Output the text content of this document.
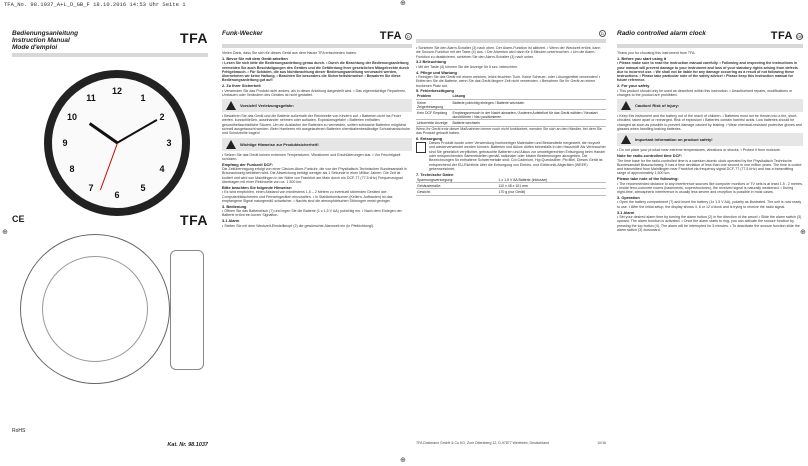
TFA_No. 98.1037_A+L_D_GB_F 18.10.2016 14:53 Uhr Seite 1	⊕
⊕
⊕
⊕
Bedienungsanleitung
Instruction Manual
Mode d'emploi
TFA
12
1
2
3
4
5
6
7
8
9
10
11
CE	TFA
RoHS
Kat. Nr. 98.1037
Funk-Wecker	TFA	D
Vielen Dank, dass Sie sich für dieses Gerät aus dem Hause TFA entschieden haben.
1. Bevor Sie mit dem Gerät arbeiten
• Lesen Sie sich bitte die Bedienungsanleitung genau durch. • Durch die Beachtung der Bedienungsanleitung vermeiden Sie auch Beschädigungen des Gerätes und die Gefährdung Ihrer gesetzlichen Mängelrechte durch Fehlgebrauch. • Für Schäden, die aus Nichtbeachtung dieser Bedienungsanleitung verursacht werden, übernehmen wir keine Haftung. • Beachten Sie besonders die Sicherheitshinweise! • Bewahren Sie diese Bedienungsanleitung gut auf!
2. Zu Ihrer Sicherheit
• Verwenden Sie das Produkt nicht anders, als in dieser Anleitung dargestellt wird. • Das eigenmächtige Reparieren, Umbauen oder Verändern des Gerätes ist nicht gestattet.
Vorsicht! Verletzungsgefahr:
• Bewahren Sie das Gerät und die Batterie außerhalb der Reichweite von Kindern auf. • Batterien nicht ins Feuer werfen, kurzschließen, auseinander nehmen oder aufladen. Explosionsgefahr! • Batterien enthalten gesundheitsschädliche Säuren. Um ein Auslaufen der Batterien zu vermeiden, sollten schwache Batterien möglichst schnell ausgetauscht werden. Beim Hantieren mit ausgelaufenen Batterien chemikalienbeständige Schutzhandschuhe und Schutzbrille tragen!
Wichtige Hinweise zur Produktsicherheit!
• Setzen Sie das Gerät keinen extremen Temperaturen, Vibrationen und Erschütterungen aus. • Vor Feuchtigkeit schützen.
Empfang der Funkzeit DCF:
Die Zeitübertragung erfolgt von einer Cäsium-Atom-Funkuhr, die von der Physikalisch-Technischen Bundesanstalt in Braunschweig betrieben wird. Die Abweichung beträgt weniger als 1 Sekunde in einer Million Jahren. Die Zeit ist kodiert und wird von Mainflingen in der Nähe von Frankfurt am Main durch ein DCF-77 (77.5 kHz) Frequenzsignal übertragen mit einer Reichweite von ca. 1 500 km.
Bitte beachten Sie folgende Hinweise:
• Es wird empfohlen, einen Abstand von mindestens 1,5 – 2 Metern zu eventuell störenden Geräten wie Computerbildschirmen und Fernsehgeräten einzuhalten. • In Stahlbetonräumen (Kellern, Aufbauten) ist das empfangene Signal naturgemäß schwächer. • Nachts sind die atmosphärischen Störungen meist geringer.
3. Bedienung
• Öffnen Sie das Batteriefach (7) und legen Sie die Batterie (1 x 1,5 V AA) polrichtig ein. • Nach dem Einlegen der Batterie ertönt ein kurzer Signalton.
3.1 Alarm
• Stellen Sie mit dem Weckzeit-Einstellknopf (2) die gewünschte Alarmzeit ein (in Pfeilrichtung!).
D
• Schieben Sie den Alarm-Schalter (3) nach oben. Der Alarm-Funktion ist aktiviert. • Wenn der Weckzeit ertönt, kann die Snooze-Funktion mit der Taste (4) aus. • Der Alarmton wird dann für 5 Minuten unterbrochen. • Um die Alarm-Funktion zu deaktivieren, schieben Sie den Alarm-Schalter (3) nach unten.
3.2 Beleuchtung
• Mit der Taste (4) können Sie die Anzeige für 5 sec. beleuchten.
4. Pflege und Wartung
• Reinigen Sie das Gerät mit einem weichen, leicht feuchten Tuch. Keine Scheuer- oder Lösungsmittel verwenden! • Entfernen Sie die Batterie, wenn Sie das Gerät längere Zeit nicht verwenden. • Bewahren Sie Ihr Gerät an einem trockenen Platz auf.
5. Fehlerbeseitigung
Problem	Lösung
Keine Zeigerbewegung	Batterie polrichtig einlegen / Batterie wechseln
Kein DCF Empfang	Empfangsversuch in der Nacht abwarten / Anderen Aufstellort für das Gerät wählen / Neustart durchführen / Neu positionieren
Unkorrekte Anzeige	Batterie wechseln
Wenn Ihr Gerät trotz dieser Maßnahmen immer noch nicht funktioniert, wenden Sie sich an den Händler, bei dem Sie das Produkt gekauft haben.
6. Entsorgung
Dieses Produkt wurde unter Verwendung hochwertiger Materialien und Bestandteile hergestellt, die recycelt und wiederverwendet werden können. Batterien und Akkus dürfen keinesfalls in den Hausmüll! Als Verbraucher sind Sie gesetzlich verpflichtet, gebrauchte Batterien und Akkus zur umweltgerechten Entsorgung beim Handel oder entsprechenden Sammelstellen gemäß nationaler oder lokaler Bestimmungen abzugeben. Die Bezeichnungen für enthaltene Schwermetalle sind: Cd=Cadmium, Hg=Quecksilber, Pb=Blei. Dieses Gerät ist entsprechend der EU-Richtlinie über die Entsorgung von Elektro- und Elektronik-Altgeräten (WEEE) gekennzeichnet.
7. Technische Daten
Spannungsversorgung:	1 x 1,5 V AA Batterie (inklusive)
Gehäusemaße:	110 x 48 x 101 mm
Gewicht:	170 g (nur Gerät)
TFA Dostmann GmbH & Co.KG, Zum Ottersberg 12, D-97877 Wertheim, Deutschland	10/16
Radio controlled alarm clock	TFA GB
Thank you for choosing this instrument from TFA.
1. Before you start using it
• Please make sure to read the instruction manual carefully. • Following and respecting the instructions in your manual will prevent damage to your instrument and loss of your statutory rights arising from defects due to incorrect use. • We shall not be liable for any damage occurring as a result of not following these instructions. • Please take particular note of the safety advice! • Please keep this instruction manual for future reference.
2. For your safety
• This product should only be used as described within this instruction. • Unauthorised repairs, modifications or changes to the product are prohibited.
Caution! Risk of injury:
• Keep this instrument and the battery out of the reach of children. • Batteries must not be thrown into a fire, short-circuited, taken apart or recharged. Risk of explosion! • Batteries contain harmful acids. Low batteries should be changed as soon as possible to prevent damage caused by leaking. • Wear chemical-resistant protective gloves and glasses when handling leaking batteries.
Important information on product safety!
• Do not place your product near extreme temperatures, vibrations or shocks. • Protect it from moisture.
Note for radio-controlled time DCF:
The time base for the radio-controlled time is a caesium atomic clock operated by the Physikalisch Technische Bundesanstalt Braunschweig. It has a time deviation of less than one second in one million years. The time is coded and transmitted from Mainflingen near Frankfurt via frequency signal DCF-77 (77.5 kHz) and has a transmitting range of approximately 1,500 km.
Please take note of the following:
• The recommended distance to any interference sources like computer monitors or TV sets is at least 1.5 - 2 metres. • Inside ferro-concrete rooms (basements, superstructures), the received signal is naturally weakened. • During night-time, atmospheric interference is usually less severe and reception is possible in most cases.
3. Operation
• Open the battery compartment (7) and insert the battery (1x 1.5 V AA), polarity as illustrated. The unit is now ready to use. • After the initial setup, the display shows 4, 8 or 12 o'clock and is trying to receive the radio signal.
3.1 Alarm
• Set your desired alarm time by turning the alarm button (2) in the direction of the arrow! • Slide the alarm switch (3) upward. The alarm function is activated. • Once the alarm starts to ring, you can activate the snooze function by pressing the top button (4). The alarm will be interrupted for 5 minutes. • To deactivate the snooze function slide the alarm switch (3) downward.
